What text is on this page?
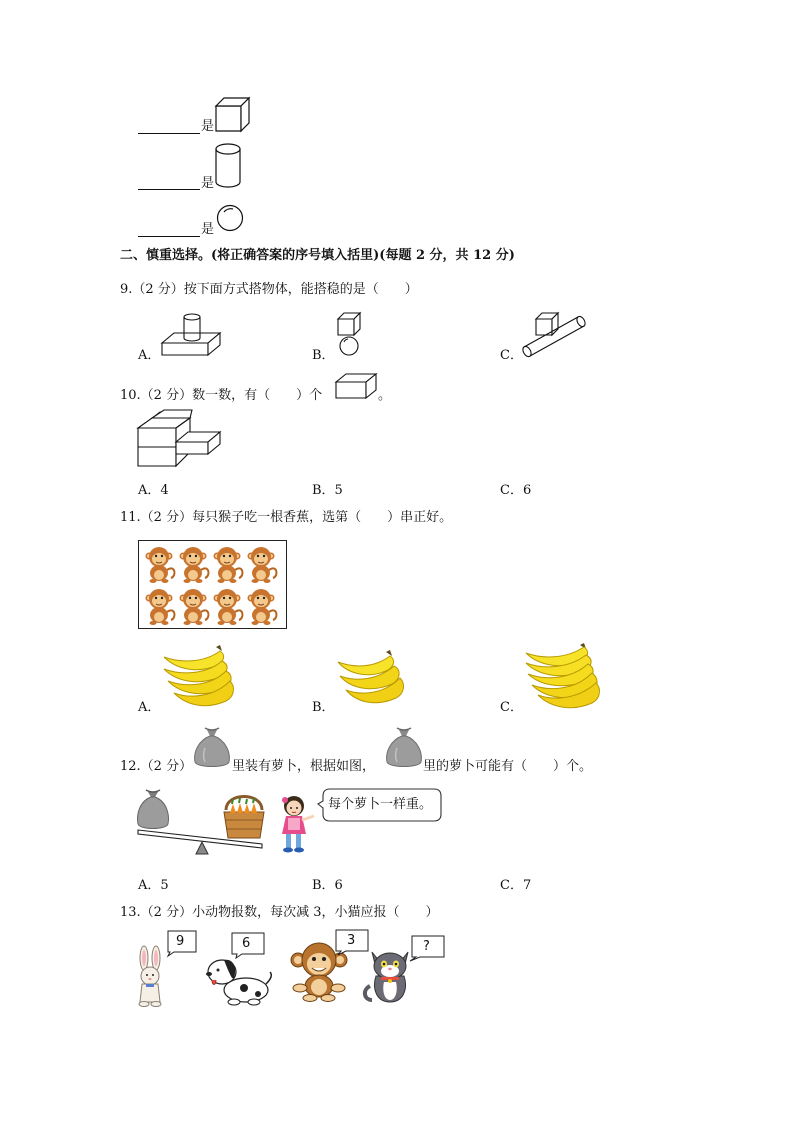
是
是
是
二、慎重选择。(将正确答案的序号填入括里)(每题 2 分，共 12 分)
9.（2 分）按下面方式搭物体，能搭稳的是（　　）
A．	B．	C．
10.（2 分）数一数，有（　　）个	。
A．4	B．5	C．6
11.（2 分）每只猴子吃一根香蕉，选第（　　）串正好。
A．	B．	C．
12.（2 分）	里装有萝卜，根据如图，	里的萝卜可能有（　　）个。
每个萝卜一样重。
A．5	B．6	C．7
13.（2 分）小动物报数，每次减 3，小猫应报（　　）
9	6	3	?
